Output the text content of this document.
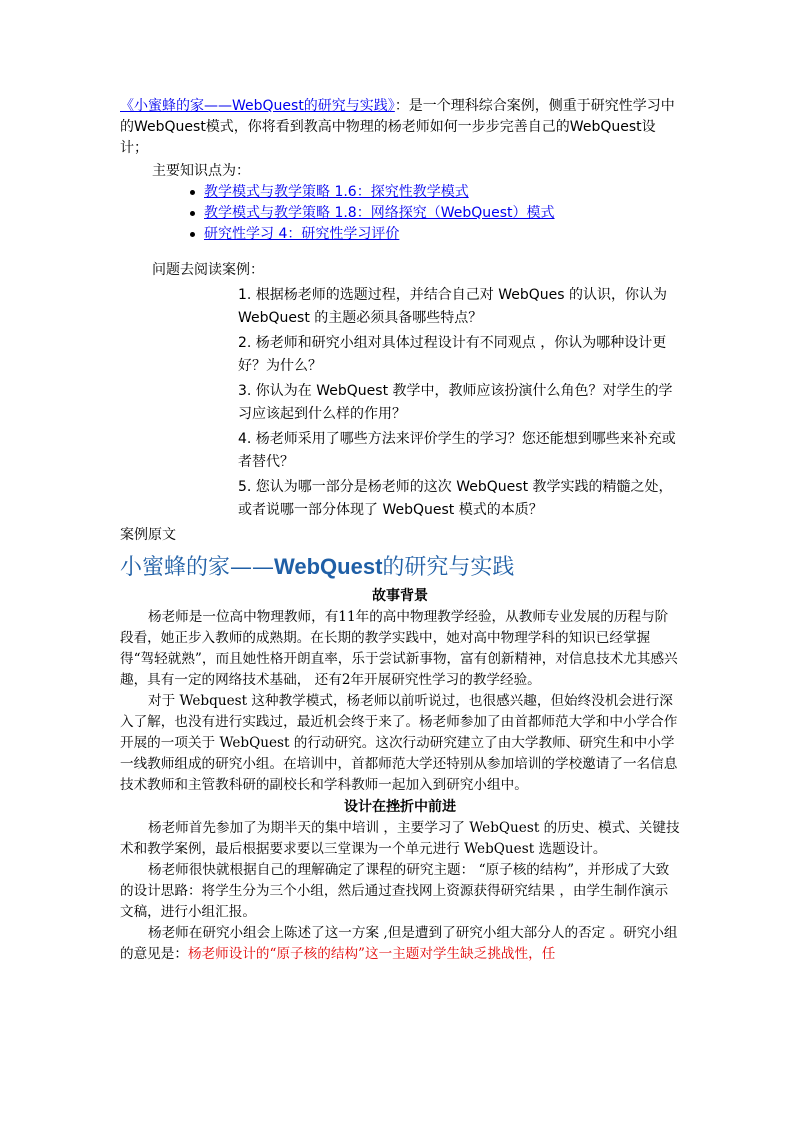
《小蜜蜂的家——WebQuest的研究与实践》：是一个理科综合案例，侧重于研究性学习中的WebQuest模式，你将看到教高中物理的杨老师如何一步步完善自己的WebQuest设计；

主要知识点为：

教学模式与教学策略 1.6：探究性教学模式
教学模式与教学策略 1.8：网络探究（WebQuest）模式
研究性学习 4：研究性学习评价

问题去阅读案例：

1. 根据杨老师的选题过程，并结合自己对 WebQues 的认识，你认为 WebQuest 的主题必须具备哪些特点？
2. 杨老师和研究小组对具体过程设计有不同观点 ，你认为哪种设计更好？为什么？
3. 你认为在 WebQuest 教学中，教师应该扮演什么角色？对学生的学习应该起到什么样的作用？
4. 杨老师采用了哪些方法来评价学生的学习？您还能想到哪些来补充或者替代？
5. 您认为哪一部分是杨老师的这次 WebQuest 教学实践的精髓之处，或者说哪一部分体现了 WebQuest 模式的本质？

案例原文

小蜜蜂的家——WebQuest的研究与实践

故事背景

杨老师是一位高中物理教师，有11年的高中物理教学经验，从教师专业发展的历程与阶段看，她正步入教师的成熟期。在长期的教学实践中，她对高中物理学科的知识已经掌握得“驾轻就熟”，而且她性格开朗直率，乐于尝试新事物，富有创新精神，对信息技术尤其感兴趣，具有一定的网络技术基础， 还有2年开展研究性学习的教学经验。

对于 Webquest 这种教学模式，杨老师以前听说过，也很感兴趣，但始终没机会进行深入了解，也没有进行实践过，最近机会终于来了。杨老师参加了由首都师范大学和中小学合作开展的一项关于 WebQuest 的行动研究。这次行动研究建立了由大学教师、研究生和中小学一线教师组成的研究小组。在培训中，首都师范大学还特别从参加培训的学校邀请了一名信息技术教师和主管教科研的副校长和学科教师一起加入到研究小组中。

设计在挫折中前进

杨老师首先参加了为期半天的集中培训 ，主要学习了 WebQuest 的历史、模式、关键技术和教学案例，最后根据要求要以三堂课为一个单元进行 WebQuest 选题设计。

杨老师很快就根据自己的理解确定了课程的研究主题： “原子核的结构”，并形成了大致的设计思路：将学生分为三个小组，然后通过查找网上资源获得研究结果 ，由学生制作演示文稿，进行小组汇报。

杨老师在研究小组会上陈述了这一方案 ,但是遭到了研究小组大部分人的否定 。研究小组的意见是：杨老师设计的“原子核的结构”这一主题对学生缺乏挑战性，任
